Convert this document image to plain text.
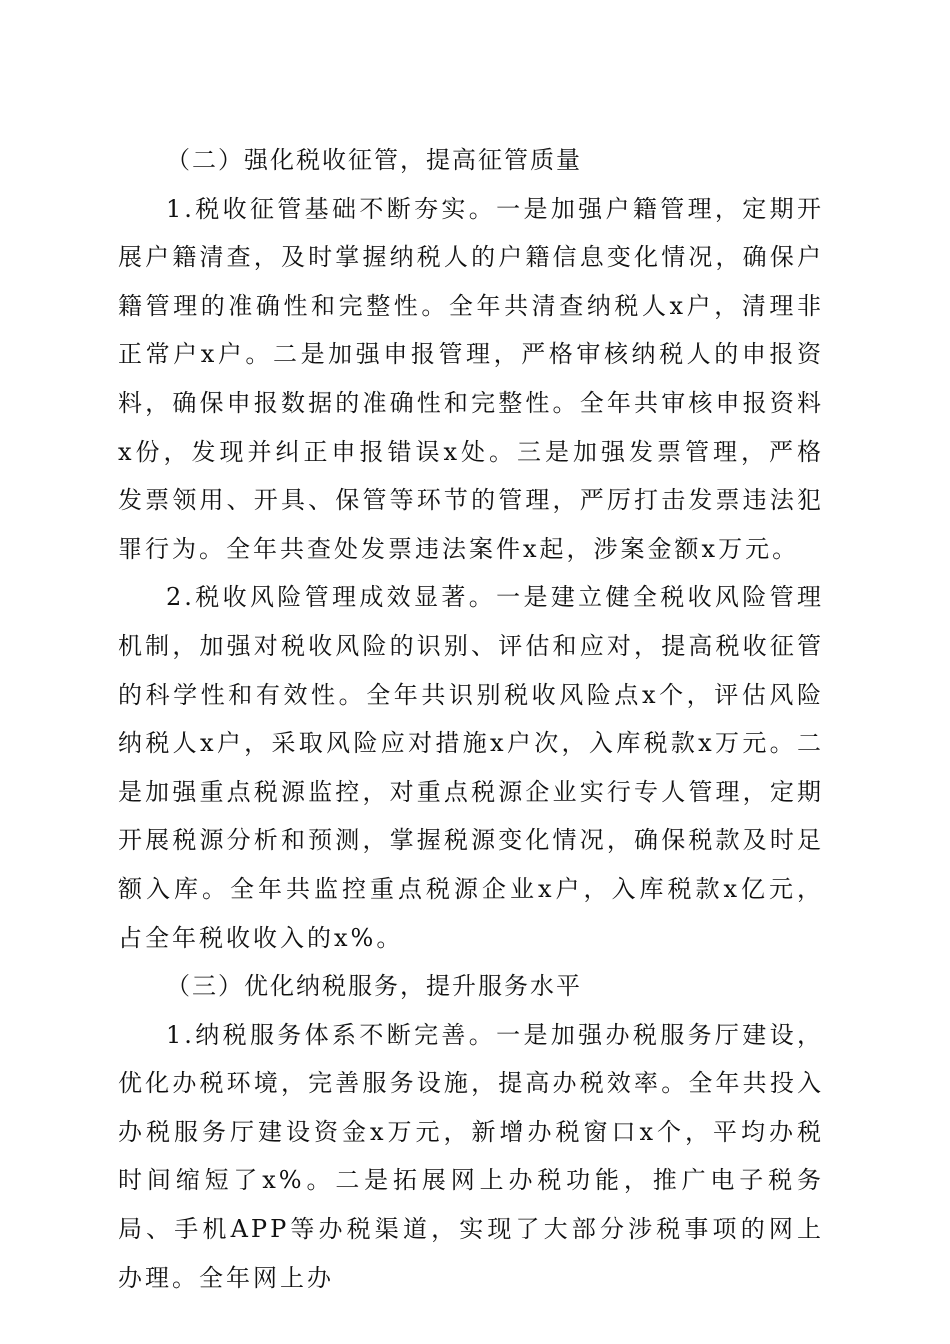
（二）强化税收征管，提高征管质量

1.税收征管基础不断夯实。一是加强户籍管理，定期开展户籍清查，及时掌握纳税人的户籍信息变化情况，确保户籍管理的准确性和完整性。全年共清查纳税人x户，清理非正常户x户。二是加强申报管理，严格审核纳税人的申报资料，确保申报数据的准确性和完整性。全年共审核申报资料x份，发现并纠正申报错误x处。三是加强发票管理，严格发票领用、开具、保管等环节的管理，严厉打击发票违法犯罪行为。全年共查处发票违法案件x起，涉案金额x万元。

2.税收风险管理成效显著。一是建立健全税收风险管理机制，加强对税收风险的识别、评估和应对，提高税收征管的科学性和有效性。全年共识别税收风险点x个，评估风险纳税人x户，采取风险应对措施x户次，入库税款x万元。二是加强重点税源监控，对重点税源企业实行专人管理，定期开展税源分析和预测，掌握税源变化情况，确保税款及时足额入库。全年共监控重点税源企业x户，入库税款x亿元，占全年税收收入的x%。

（三）优化纳税服务，提升服务水平

1.纳税服务体系不断完善。一是加强办税服务厅建设，优化办税环境，完善服务设施，提高办税效率。全年共投入办税服务厅建设资金x万元，新增办税窗口x个，平均办税时间缩短了x%。二是拓展网上办税功能，推广电子税务局、手机APP等办税渠道，实现了大部分涉税事项的网上办理。全年网上办
